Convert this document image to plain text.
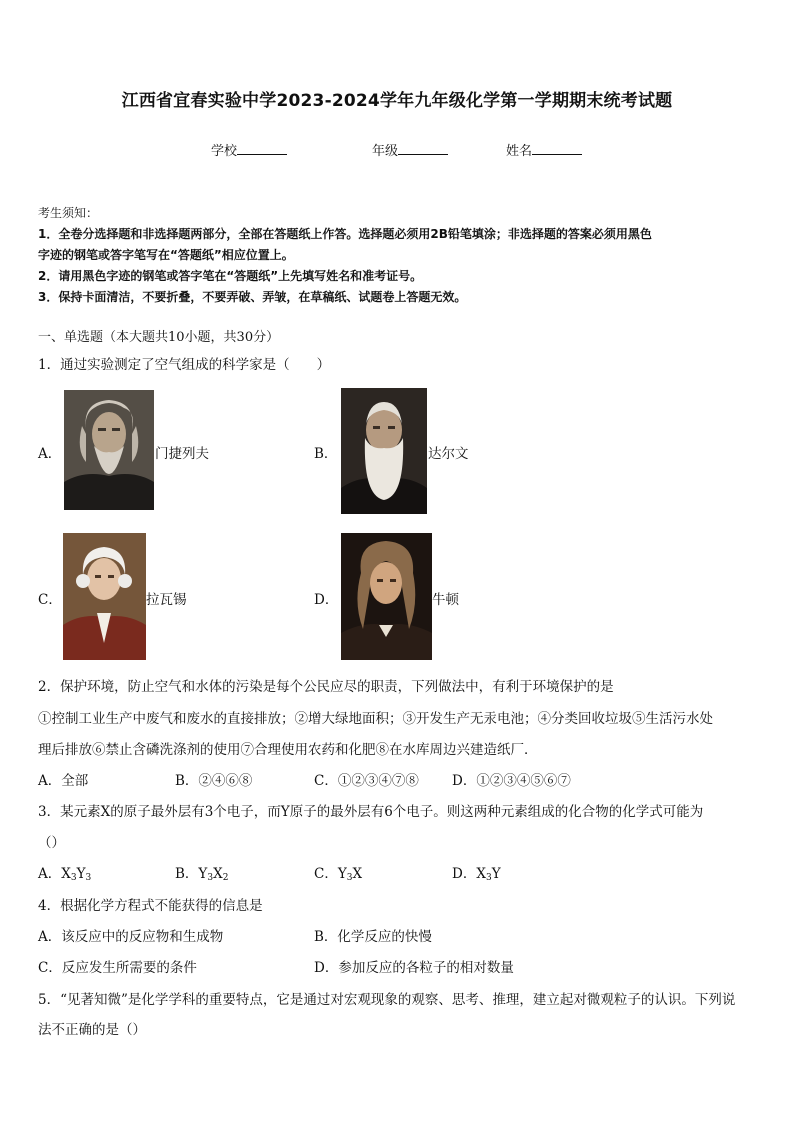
江西省宜春实验中学2023-2024学年九年级化学第一学期期末统考试题
学校	年级	姓名
考生须知：
1．全卷分选择题和非选择题两部分，全部在答题纸上作答。选择题必须用2B铅笔填涂；非选择题的答案必须用黑色
字迹的钢笔或答字笔写在“答题纸”相应位置上。
2．请用黑色字迹的钢笔或答字笔在“答题纸”上先填写姓名和准考证号。
3．保持卡面清洁，不要折叠，不要弄破、弄皱，在草稿纸、试题卷上答题无效。
一、单选题（本大题共10小题，共30分）
1．通过实验测定了空气组成的科学家是（　　）
A．	门捷列夫	B．	达尔文
C．	拉瓦锡	D．	牛顿
2．保护环境，防止空气和水体的污染是每个公民应尽的职责，下列做法中，有利于环境保护的是
①控制工业生产中废气和废水的直接排放；②增大绿地面积；③开发生产无汞电池；④分类回收垃圾⑤生活污水处
理后排放⑥禁止含磷洗涤剂的使用⑦合理使用农药和化肥⑧在水库周边兴建造纸厂．
A．全部	B．②④⑥⑧	C．①②③④⑦⑧ D．①②③④⑤⑥⑦
3．某元素X的原子最外层有3个电子，而Y原子的最外层有6个电子。则这两种元素组成的化合物的化学式可能为
（）
A．$X_3Y_3$	B．$Y_3X_2$	C．$Y_3X$	D．$X_3Y$
4．根据化学方程式不能获得的信息是
A．该反应中的反应物和生成物	B．化学反应的快慢
C．反应发生所需要的条件	D．参加反应的各粒子的相对数量
5．“见著知微”是化学学科的重要特点，它是通过对宏观现象的观察、思考、推理，建立起对微观粒子的认识。下列说
法不正确的是（）
